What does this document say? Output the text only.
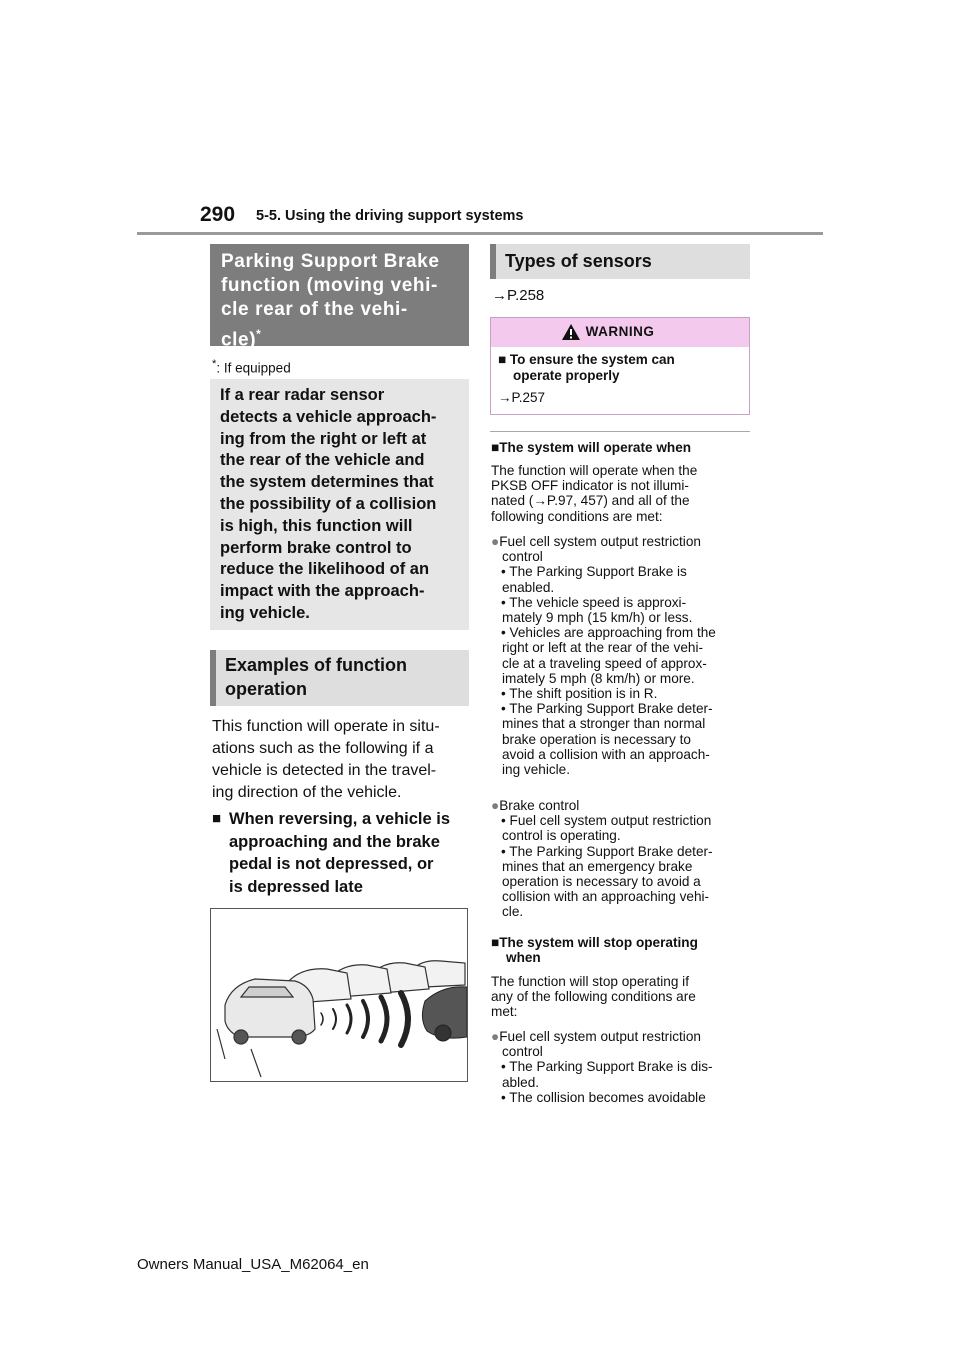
290 5-5. Using the driving support systems
Parking Support Brake
function (moving vehi-
cle rear of the vehi-
cle)*
*: If equipped
If a rear radar sensor
detects a vehicle approach-
ing from the right or left at
the rear of the vehicle and
the system determines that
the possibility of a collision
is high, this function will
perform brake control to
reduce the likelihood of an
impact with the approach-
ing vehicle.
Examples of function
operation
This function will operate in situ-
ations such as the following if a
vehicle is detected in the travel-
ing direction of the vehicle.
■ When reversing, a vehicle is
approaching and the brake
pedal is not depressed, or
is depressed late
Types of sensors
→P.258
WARNING
■ To ensure the system can
operate properly
→P.257
■The system will operate when
The function will operate when the
PKSB OFF indicator is not illumi-
nated (→P.97, 457) and all of the
following conditions are met:
●Fuel cell system output restriction
control
• The Parking Support Brake is
enabled.
• The vehicle speed is approxi-
mately 9 mph (15 km/h) or less.
• Vehicles are approaching from the
right or left at the rear of the vehi-
cle at a traveling speed of approx-
imately 5 mph (8 km/h) or more.
• The shift position is in R.
• The Parking Support Brake deter-
mines that a stronger than normal
brake operation is necessary to
avoid a collision with an approach-
ing vehicle.
●Brake control
• Fuel cell system output restriction
control is operating.
• The Parking Support Brake deter-
mines that an emergency brake
operation is necessary to avoid a
collision with an approaching vehi-
cle.
■The system will stop operating
when
The function will stop operating if
any of the following conditions are
met:
●Fuel cell system output restriction
control
• The Parking Support Brake is dis-
abled.
• The collision becomes avoidable
Owners Manual_USA_M62064_en
